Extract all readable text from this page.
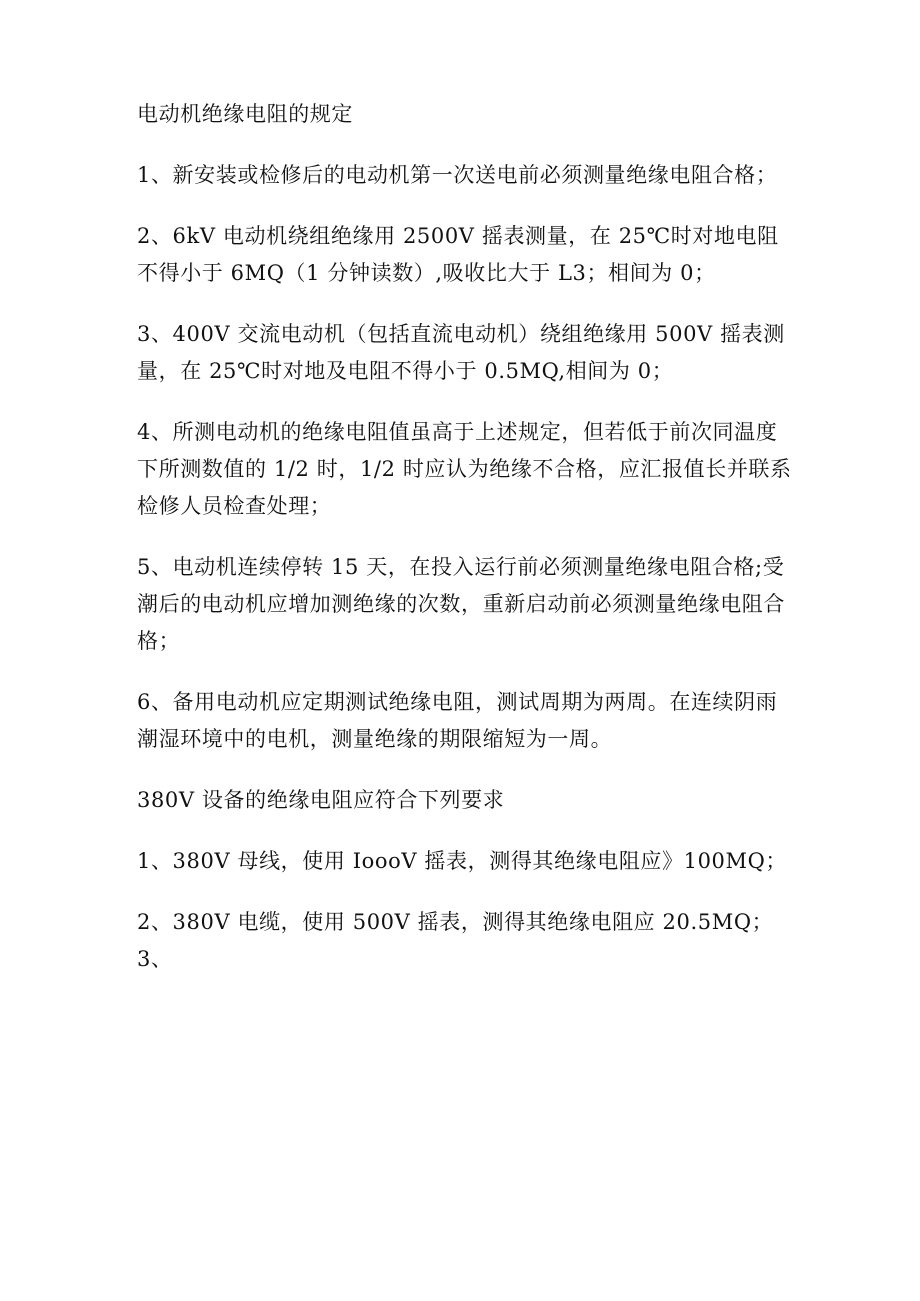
电动机绝缘电阻的规定

1、新安装或检修后的电动机第一次送电前必须测量绝缘电阻合格；

2、6kV 电动机绕组绝缘用 2500V 摇表测量，在 25℃时对地电阻不得小于 6MQ（1 分钟读数）,吸收比大于 L3；相间为 0；

3、400V 交流电动机（包括直流电动机）绕组绝缘用 500V 摇表测量，在 25℃时对地及电阻不得小于 0.5MQ,相间为 0；

4、所测电动机的绝缘电阻值虽高于上述规定，但若低于前次同温度下所测数值的 1/2 时，1/2 时应认为绝缘不合格，应汇报值长并联系检修人员检查处理；

5、电动机连续停转 15 天，在投入运行前必须测量绝缘电阻合格;受潮后的电动机应增加测绝缘的次数，重新启动前必须测量绝缘电阻合格；

6、备用电动机应定期测试绝缘电阻，测试周期为两周。在连续阴雨潮湿环境中的电机，测量绝缘的期限缩短为一周。

380V 设备的绝缘电阻应符合下列要求

1、380V 母线，使用 IoooV 摇表，测得其绝缘电阻应》100MQ；

2、380V 电缆，使用 500V 摇表，测得其绝缘电阻应 20.5MQ；3、
